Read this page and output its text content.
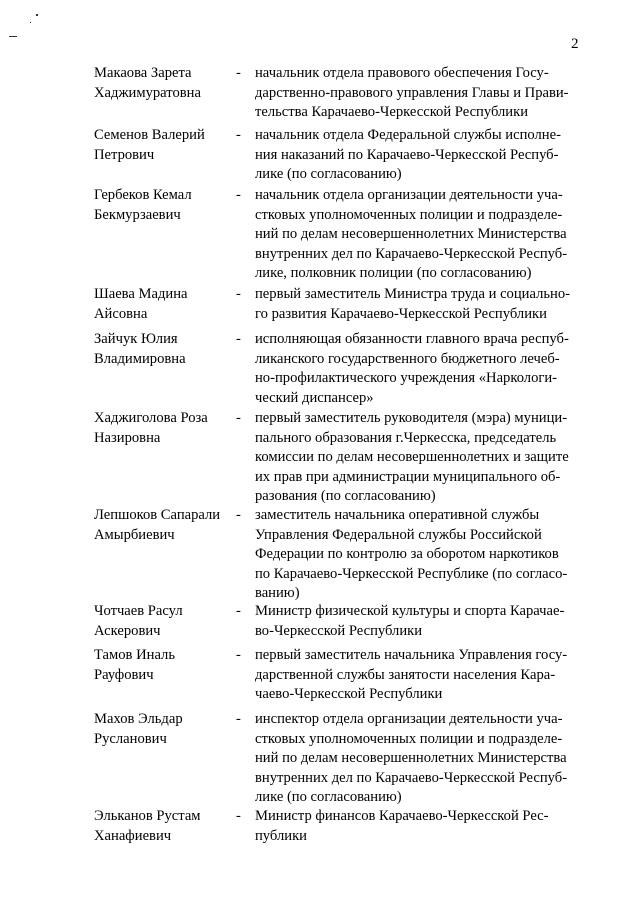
2
Макаова Зарета
Хаджимуратовна
- начальник отдела правового обеспечения Госу-
дарственно-правового управления Главы и Прави-
тельства Карачаево-Черкесской Республики
Семенов Валерий
Петрович
- начальник отдела Федеральной службы исполне-
ния наказаний по Карачаево-Черкесской Респуб-
лике (по согласованию)
Гербеков Кемал
Бекмурзаевич
- начальник отдела организации деятельности уча-
стковых уполномоченных полиции и подразделе-
ний по делам несовершеннолетних Министерства
внутренних дел по Карачаево-Черкесской Респуб-
лике, полковник полиции (по согласованию)
Шаева Мадина
Айсовна
- первый заместитель Министра труда и социально-
го развития Карачаево-Черкесской Республики
Зайчук Юлия
Владимировна
- исполняющая обязанности главного врача респуб-
ликанского государственного бюджетного лечеб-
но-профилактического учреждения «Наркологи-
ческий диспансер»
Хаджиголова Роза
Назировна
- первый заместитель руководителя (мэра) муници-
пального образования г.Черкесска, председатель
комиссии по делам несовершеннолетних и защите
их прав при администрации муниципального об-
разования (по согласованию)
Лепшоков Сапарали
Амырбиевич
- заместитель начальника оперативной службы
Управления Федеральной службы Российской
Федерации по контролю за оборотом наркотиков
по Карачаево-Черкесской Республике (по согласо-
ванию)
Чотчаев Расул
Аскерович
- Министр физической культуры и спорта Карачае-
во-Черкесской Республики
Тамов Иналь
Рауфович
- первый заместитель начальника Управления госу-
дарственной службы занятости населения Кара-
чаево-Черкесской Республики
Махов Эльдар
Русланович
- инспектор отдела организации деятельности уча-
стковых уполномоченных полиции и подразделе-
ний по делам несовершеннолетних Министерства
внутренних дел по Карачаево-Черкесской Респуб-
лике (по согласованию)
Эльканов Рустам
Ханафиевич
- Министр финансов Карачаево-Черкесской Рес-
публики
